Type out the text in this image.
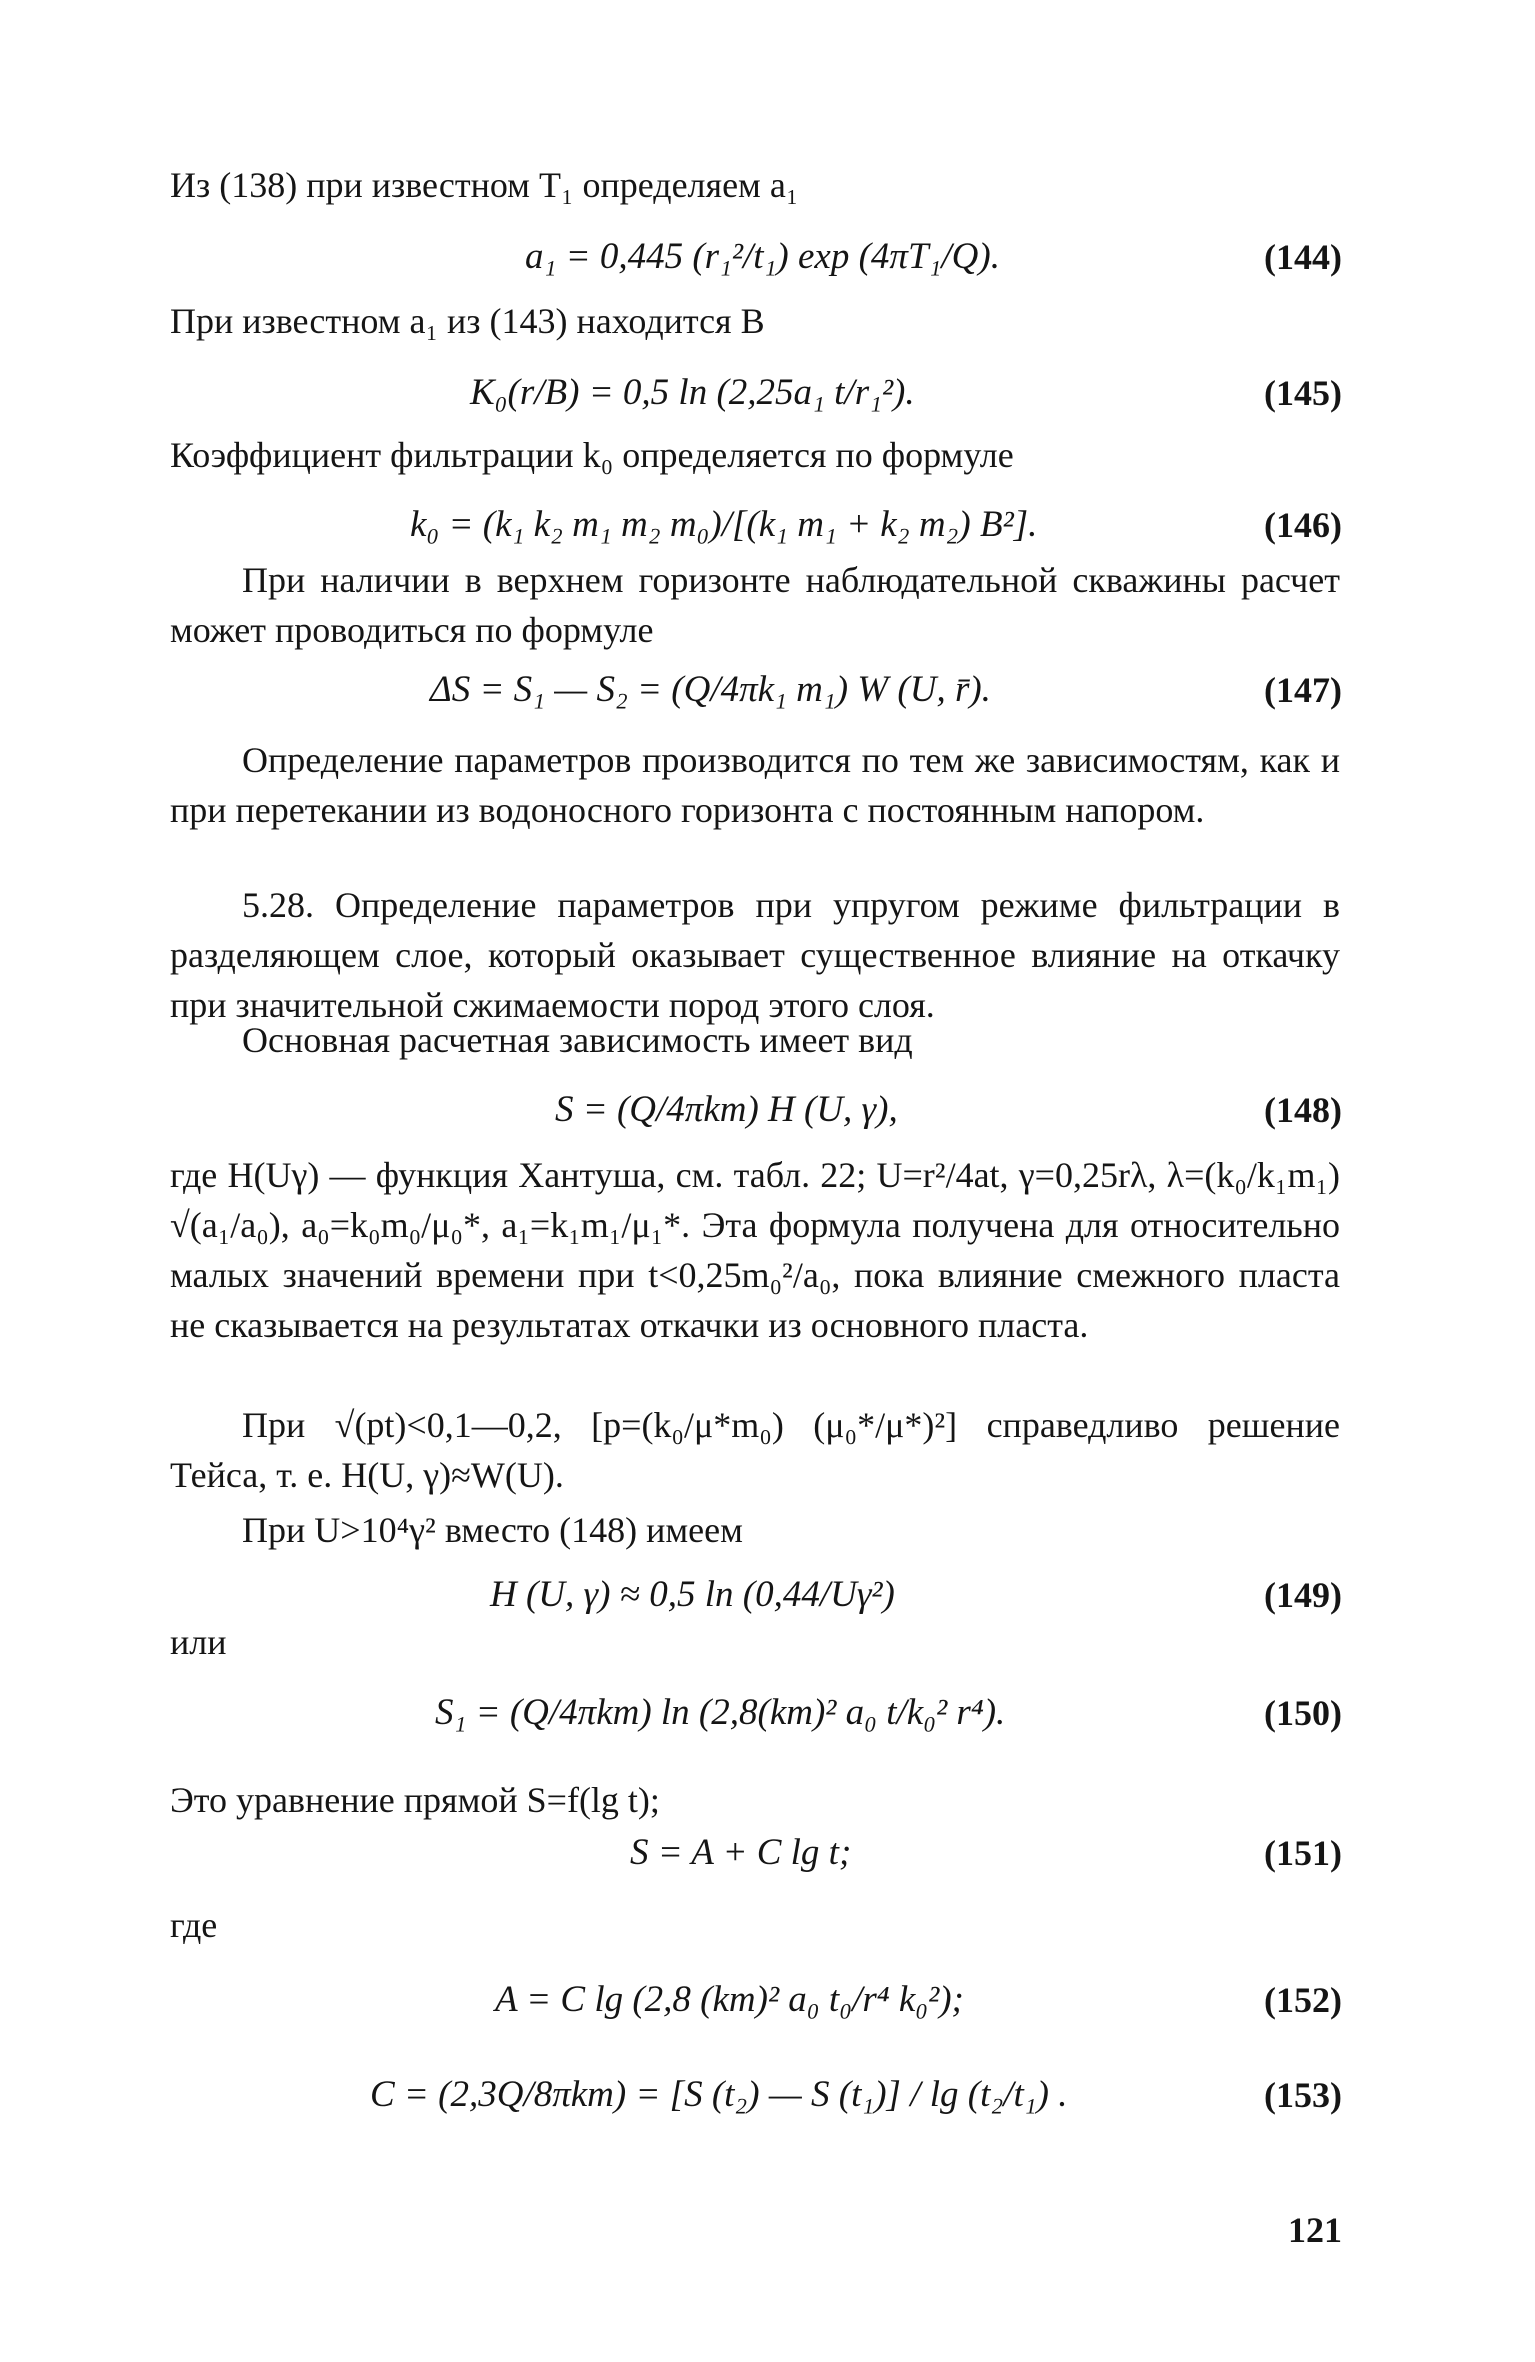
Из (138) при известном T₁ определяем a₁

a₁ = 0,445 (r₁²/t₁) exp (4πT₁/Q).	(144)

При известном a₁ из (143) находится B

K₀(r/B) = 0,5 ln (2,25a₁ t/r₁²).	(145)

Коэффициент фильтрации k₀ определяется по формуле

k₀ = (k₁ k₂ m₁ m₂ m₀)/[(k₁ m₁ + k₂ m₂) B²].	(146)

При наличии в верхнем горизонте наблюдательной скважины расчет может проводиться по формуле

ΔS = S₁ — S₂ = (Q/4πk₁ m₁) W (U, r̄).	(147)

Определение параметров производится по тем же зависимостям, как и при перетекании из водоносного горизонта с постоянным напором.

5.28. Определение параметров при упругом режиме фильтрации в разделяющем слое, который оказывает существенное влияние на откачку при значительной сжимаемости пород этого слоя.

Основная расчетная зависимость имеет вид

S = (Q/4πkm) H (U, γ),	(148)

где H(Uγ) — функция Хантуша, см. табл. 22; U=r²/4at, γ=0,25rλ, λ=(k₀/k₁m₁) √(a₁/a₀), a₀=k₀m₀/μ₀*, a₁=k₁m₁/μ₁*. Эта формула получена для относительно малых значений времени при t<0,25m₀²/a₀, пока влияние смежного пласта не сказывается на результатах откачки из основного пласта.

При √(pt)<0,1—0,2, [p=(k₀/μ*m₀) (μ₀*/μ*)²] справедливо решение Тейса, т. е. H(U, γ)≈W(U).

При U>10⁴γ² вместо (148) имеем

H (U, γ) ≈ 0,5 ln (0,44/Uγ²)	(149)

или

S₁ = (Q/4πkm) ln (2,8(km)² a₀ t/k₀² r⁴).	(150)

Это уравнение прямой S=f(lg t);

S = A + C lg t;	(151)

где

A = C lg (2,8 (km)² a₀ t₀/r⁴ k₀²);	(152)
C = (2,3Q/8πkm) = [S (t₂) — S (t₁)] / lg (t₂/t₁) .	(153)
121
